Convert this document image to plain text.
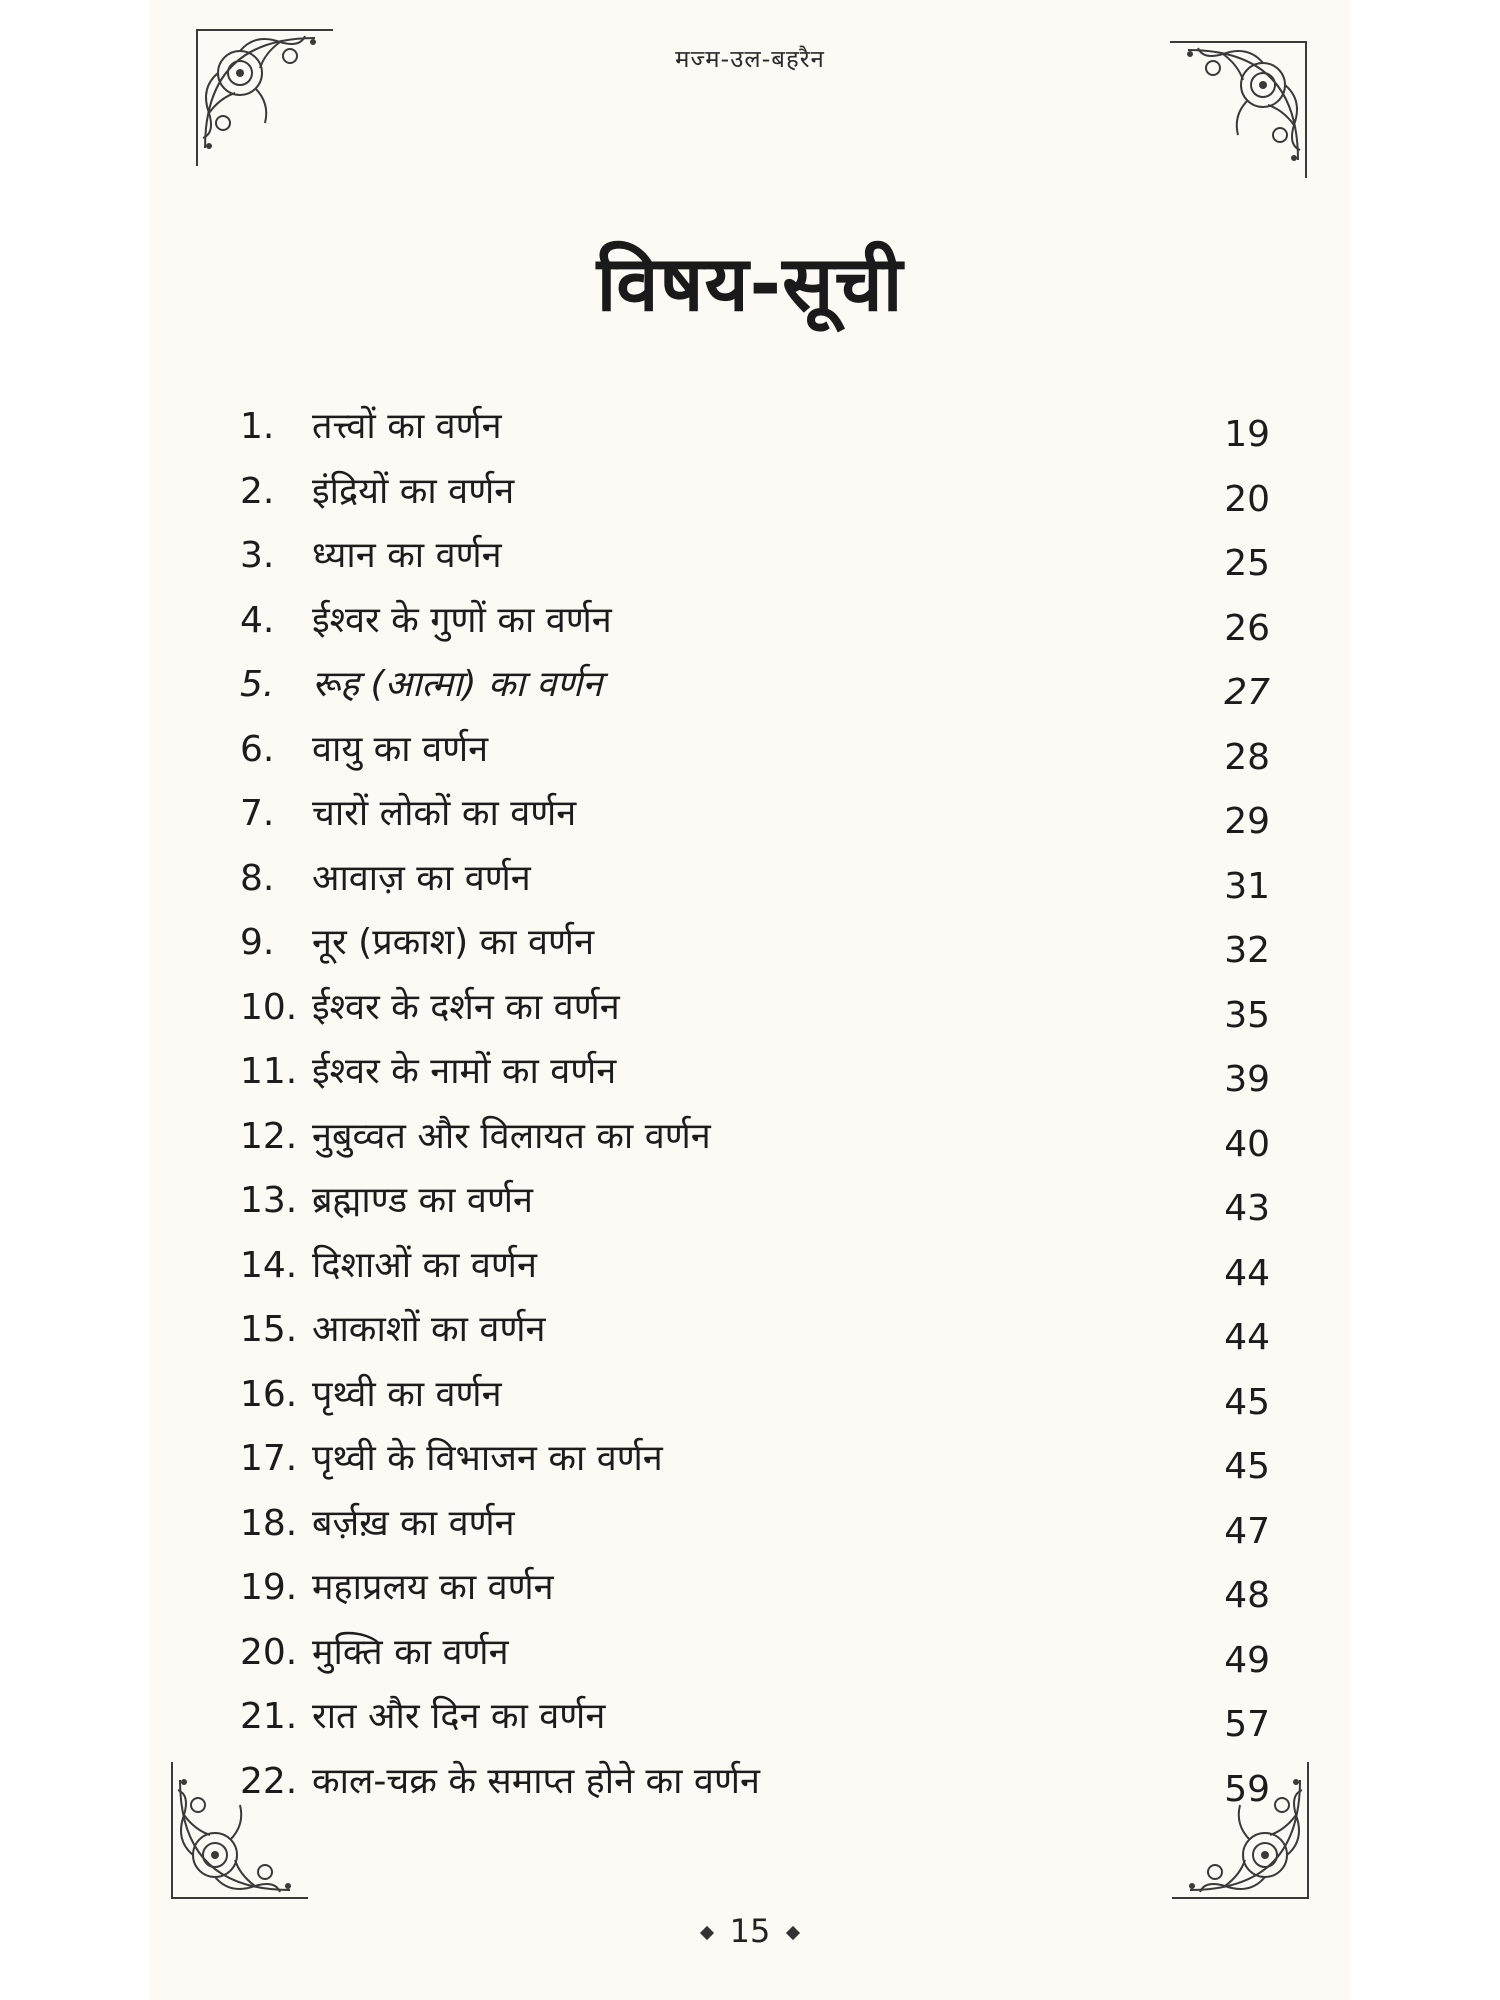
मज्म-उल-बहरैन
विषय-सूची
1.	तत्त्वों का वर्णन	19
2.	इंद्रियों का वर्णन	20
3.	ध्यान का वर्णन	25
4.	ईश्वर के गुणों का वर्णन	26
5.	रूह (आत्मा) का वर्णन	27
6.	वायु का वर्णन	28
7.	चारों लोकों का वर्णन	29
8.	आवाज़ का वर्णन	31
9.	नूर (प्रकाश) का वर्णन	32
10. ईश्वर के दर्शन का वर्णन	35
11. ईश्वर के नामों का वर्णन	39
12. नुबुव्वत और विलायत का वर्णन	40
13. ब्रह्माण्ड का वर्णन	43
14. दिशाओं का वर्णन	44
15. आकाशों का वर्णन	44
16. पृथ्वी का वर्णन	45
17. पृथ्वी के विभाजन का वर्णन	45
18. बर्ज़ख़ का वर्णन	47
19. महाप्रलय का वर्णन	48
20. मुक्ति का वर्णन	49
21. रात और दिन का वर्णन	57
22. काल-चक्र के समाप्त होने का वर्णन	59
15
